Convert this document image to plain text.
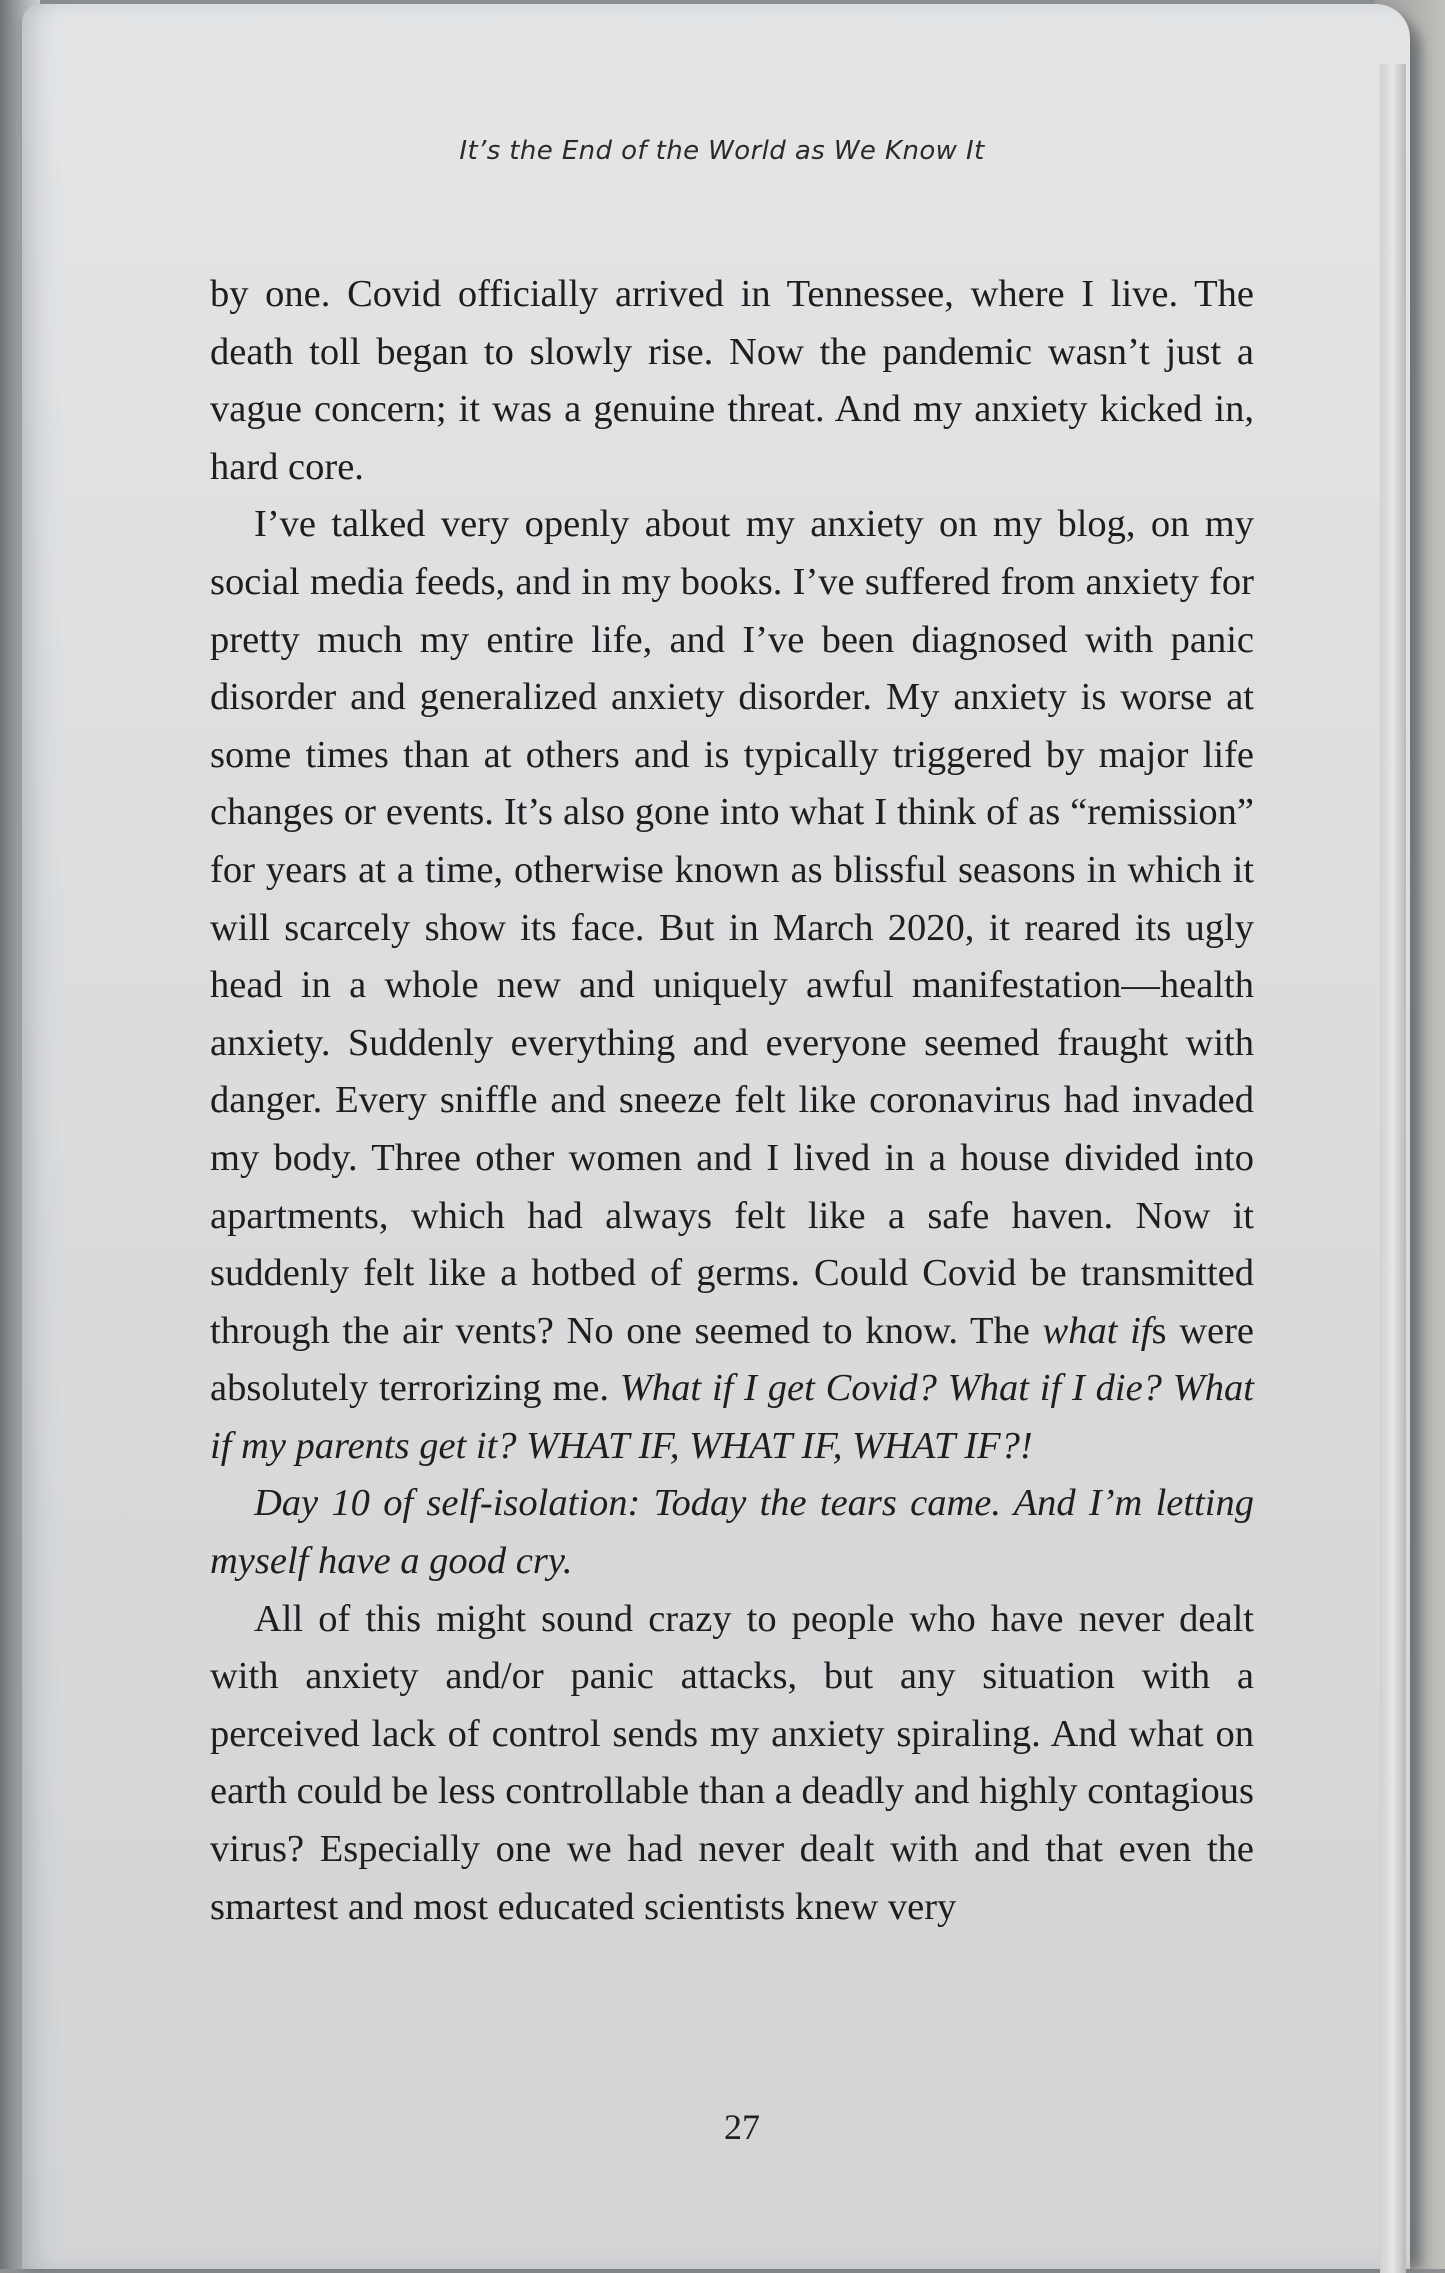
It’s the End of the World as We Know It

by one. Covid officially arrived in Tennessee, where I live. The death toll began to slowly rise. Now the pandemic wasn’t just a vague concern; it was a genuine threat. And my anxiety kicked in, hard core.

I’ve talked very openly about my anxiety on my blog, on my social media feeds, and in my books. I’ve suffered from anxiety for pretty much my entire life, and I’ve been diagnosed with panic disorder and generalized anxiety disorder. My anxiety is worse at some times than at others and is typically triggered by major life changes or events. It’s also gone into what I think of as “remission” for years at a time, otherwise known as blissful seasons in which it will scarcely show its face. But in March 2020, it reared its ugly head in a whole new and uniquely awful manifestation—health anxiety. Suddenly everything and everyone seemed fraught with danger. Every sniffle and sneeze felt like coronavirus had invaded my body. Three other women and I lived in a house divided into apartments, which had always felt like a safe haven. Now it suddenly felt like a hotbed of germs. Could Covid be transmitted through the air vents? No one seemed to know. The what ifs were absolutely terrorizing me. What if I get Covid? What if I die? What if my parents get it? WHAT IF, WHAT IF, WHAT IF?!

Day 10 of self-isolation: Today the tears came. And I’m letting myself have a good cry.

All of this might sound crazy to people who have never dealt with anxiety and/or panic attacks, but any situation with a perceived lack of control sends my anxiety spiraling. And what on earth could be less controllable than a deadly and highly contagious virus? Especially one we had never dealt with and that even the smartest and most educated scientists knew very

27
